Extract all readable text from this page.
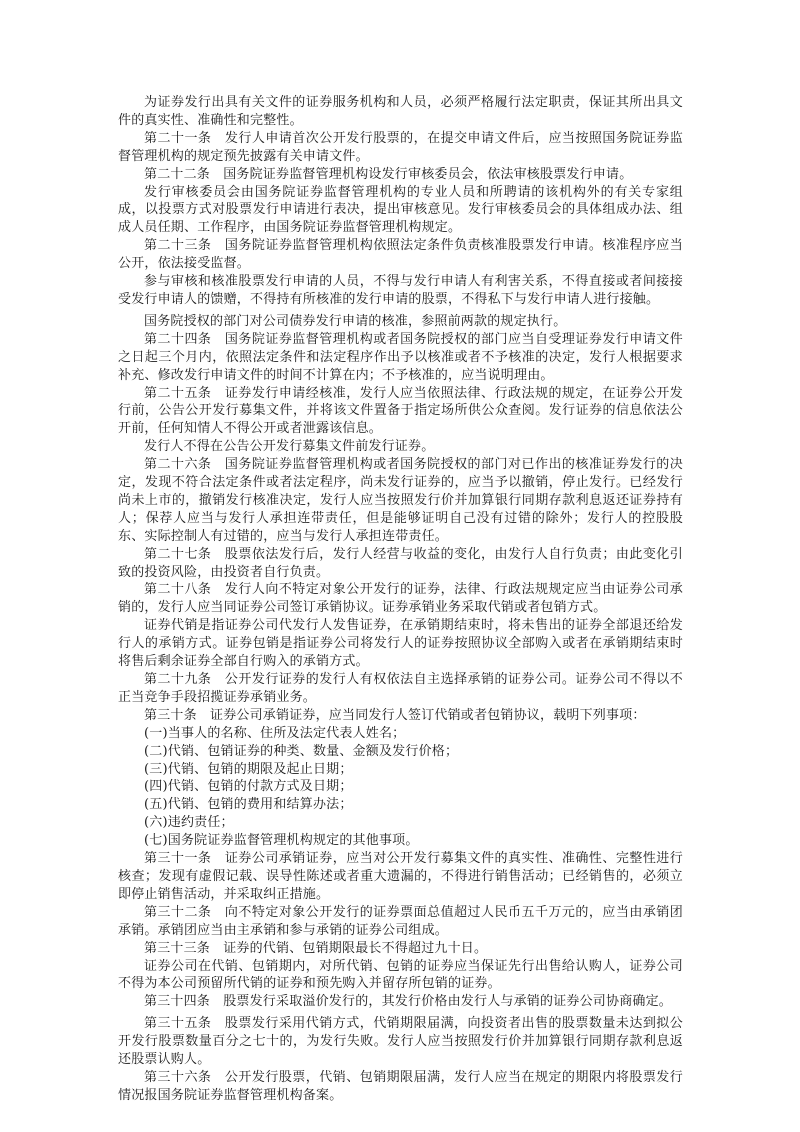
为证券发行出具有关文件的证券服务机构和人员，必须严格履行法定职责，保证其所出具文件的真实性、准确性和完整性。

第二十一条　发行人申请首次公开发行股票的，在提交申请文件后，应当按照国务院证券监督管理机构的规定预先披露有关申请文件。

第二十二条　国务院证券监督管理机构设发行审核委员会，依法审核股票发行申请。

发行审核委员会由国务院证券监督管理机构的专业人员和所聘请的该机构外的有关专家组成，以投票方式对股票发行申请进行表决，提出审核意见。发行审核委员会的具体组成办法、组成人员任期、工作程序，由国务院证券监督管理机构规定。

第二十三条　国务院证券监督管理机构依照法定条件负责核准股票发行申请。核准程序应当公开，依法接受监督。

参与审核和核准股票发行申请的人员，不得与发行申请人有利害关系，不得直接或者间接接受发行申请人的馈赠，不得持有所核准的发行申请的股票，不得私下与发行申请人进行接触。

国务院授权的部门对公司债券发行申请的核准，参照前两款的规定执行。

第二十四条　国务院证券监督管理机构或者国务院授权的部门应当自受理证券发行申请文件之日起三个月内，依照法定条件和法定程序作出予以核准或者不予核准的决定，发行人根据要求补充、修改发行申请文件的时间不计算在内；不予核准的，应当说明理由。

第二十五条　证券发行申请经核准，发行人应当依照法律、行政法规的规定，在证券公开发行前，公告公开发行募集文件，并将该文件置备于指定场所供公众查阅。发行证券的信息依法公开前，任何知情人不得公开或者泄露该信息。

发行人不得在公告公开发行募集文件前发行证券。

第二十六条　国务院证券监督管理机构或者国务院授权的部门对已作出的核准证券发行的决定，发现不符合法定条件或者法定程序，尚未发行证券的，应当予以撤销，停止发行。已经发行尚未上市的，撤销发行核准决定，发行人应当按照发行价并加算银行同期存款利息返还证券持有人；保荐人应当与发行人承担连带责任，但是能够证明自己没有过错的除外；发行人的控股股东、实际控制人有过错的，应当与发行人承担连带责任。

第二十七条　股票依法发行后，发行人经营与收益的变化，由发行人自行负责；由此变化引致的投资风险，由投资者自行负责。

第二十八条　发行人向不特定对象公开发行的证券，法律、行政法规规定应当由证券公司承销的，发行人应当同证券公司签订承销协议。证券承销业务采取代销或者包销方式。

证券代销是指证券公司代发行人发售证券，在承销期结束时，将未售出的证券全部退还给发行人的承销方式。证券包销是指证券公司将发行人的证券按照协议全部购入或者在承销期结束时将售后剩余证券全部自行购入的承销方式。

第二十九条　公开发行证券的发行人有权依法自主选择承销的证券公司。证券公司不得以不正当竞争手段招揽证券承销业务。

第三十条　证券公司承销证券，应当同发行人签订代销或者包销协议，载明下列事项：

(一)当事人的名称、住所及法定代表人姓名；

(二)代销、包销证券的种类、数量、金额及发行价格；

(三)代销、包销的期限及起止日期；

(四)代销、包销的付款方式及日期；

(五)代销、包销的费用和结算办法；

(六)违约责任；

(七)国务院证券监督管理机构规定的其他事项。

第三十一条　证券公司承销证券，应当对公开发行募集文件的真实性、准确性、完整性进行核查；发现有虚假记载、误导性陈述或者重大遗漏的，不得进行销售活动；已经销售的，必须立即停止销售活动，并采取纠正措施。

第三十二条　向不特定对象公开发行的证券票面总值超过人民币五千万元的，应当由承销团承销。承销团应当由主承销和参与承销的证券公司组成。

第三十三条　证券的代销、包销期限最长不得超过九十日。

证券公司在代销、包销期内，对所代销、包销的证券应当保证先行出售给认购人，证券公司不得为本公司预留所代销的证券和预先购入并留存所包销的证券。

第三十四条　股票发行采取溢价发行的，其发行价格由发行人与承销的证券公司协商确定。

第三十五条　股票发行采用代销方式，代销期限届满，向投资者出售的股票数量未达到拟公开发行股票数量百分之七十的，为发行失败。发行人应当按照发行价并加算银行同期存款利息返还股票认购人。

第三十六条　公开发行股票，代销、包销期限届满，发行人应当在规定的期限内将股票发行情况报国务院证券监督管理机构备案。
